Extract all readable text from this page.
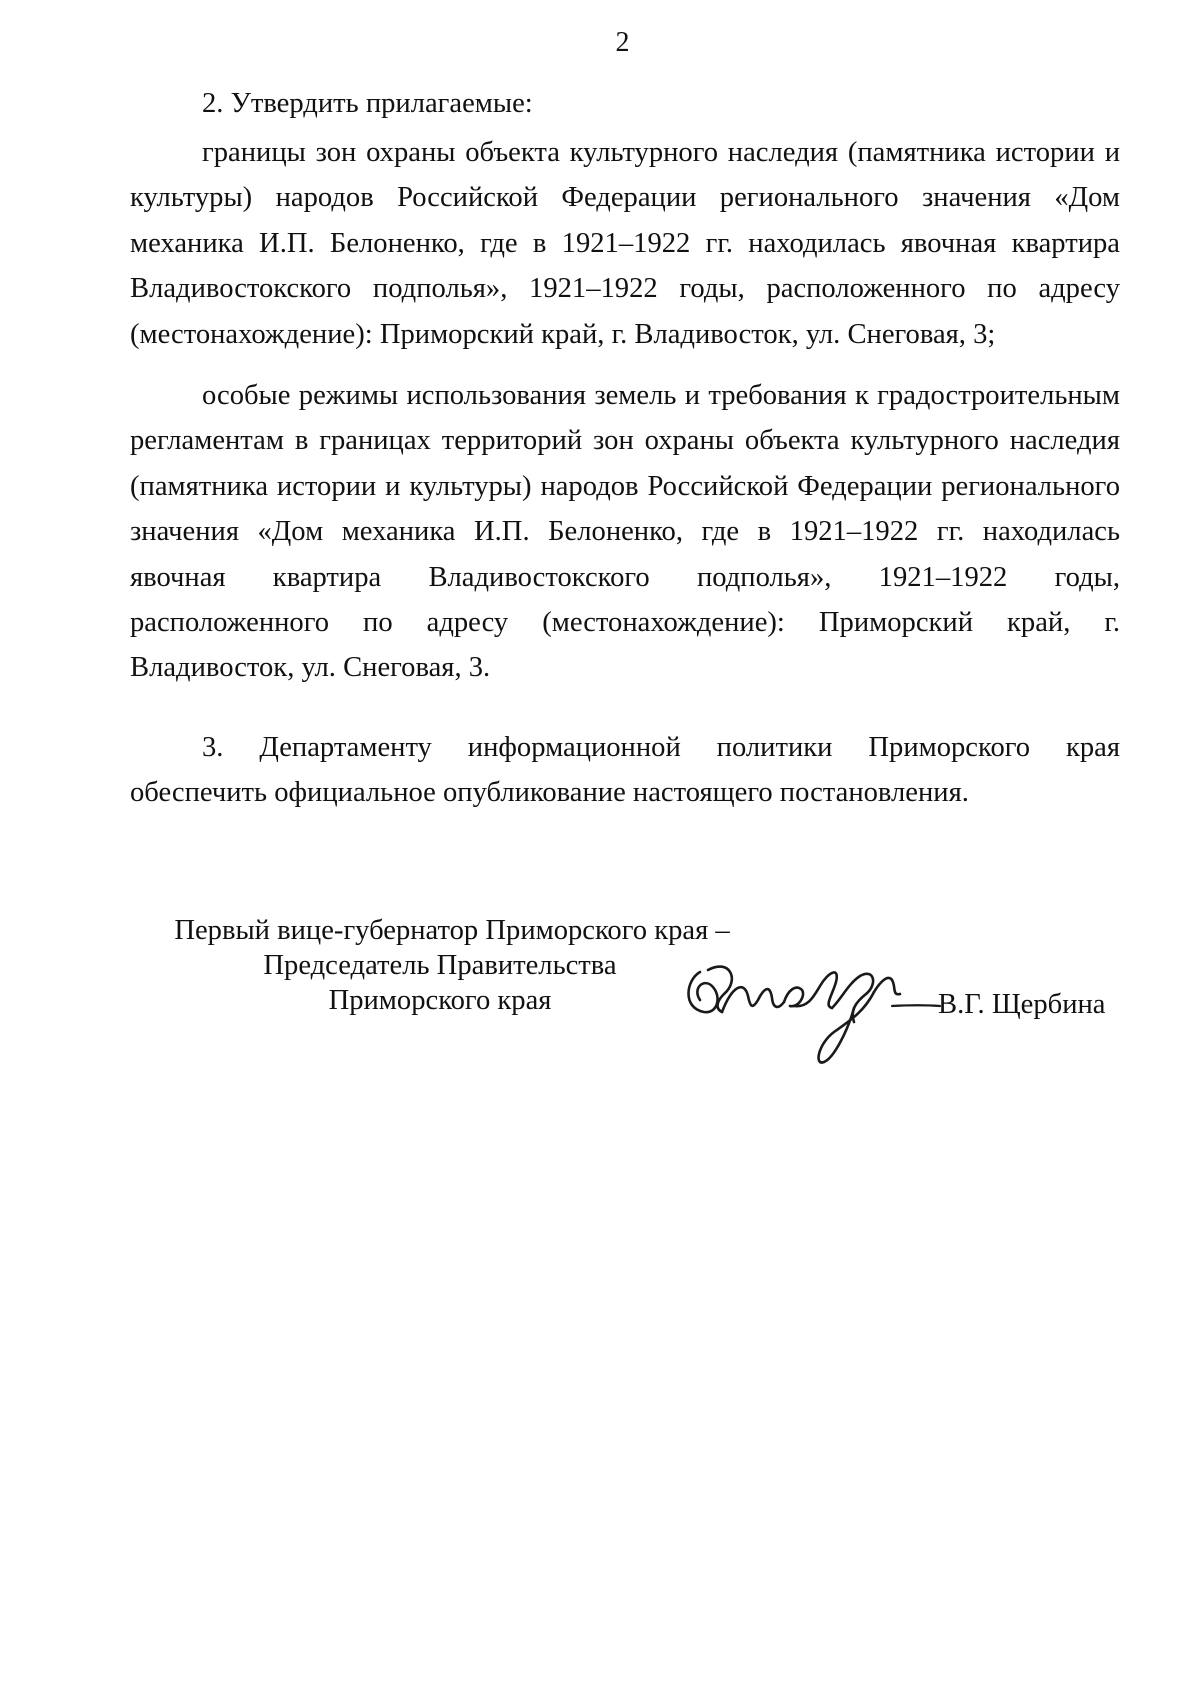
2

2. Утвердить прилагаемые:

границы зон охраны объекта культурного наследия (памятника истории и культуры) народов Российской Федерации регионального значения «Дом механика И.П. Белоненко, где в 1921–1922 гг. находилась явочная квартира Владивостокского подполья», 1921–1922 годы, расположенного по адресу (местонахождение): Приморский край, г. Владивосток, ул. Снеговая, 3;

особые режимы использования земель и требования к градостроительным регламентам в границах территорий зон охраны объекта культурного наследия (памятника истории и культуры) народов Российской Федерации регионального значения «Дом механика И.П. Белоненко, где в 1921–1922 гг. находилась явочная квартира Владивостокского подполья», 1921–1922 годы, расположенного по адресу (местонахождение): Приморский край, г. Владивосток, ул. Снеговая, 3.

3. Департаменту информационной политики Приморского края обеспечить официальное опубликование настоящего постановления.

Первый вице-губернатор Приморского края –
Председатель Правительства
Приморского края	В.Г. Щербина
